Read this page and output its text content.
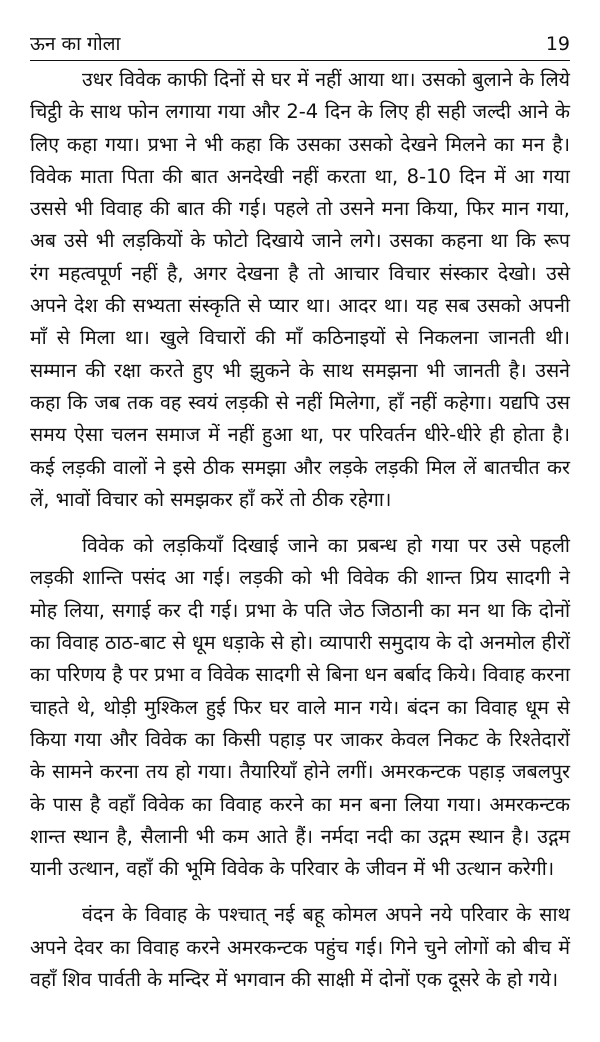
ऊन का गोला	19

उधर विवेक काफी दिनों से घर में नहीं आया था। उसको बुलाने के लिये चिट्ठी के साथ फोन लगाया गया और 2-4 दिन के लिए ही सही जल्दी आने के लिए कहा गया। प्रभा ने भी कहा कि उसका उसको देखने मिलने का मन है। विवेक माता पिता की बात अनदेखी नहीं करता था, 8-10 दिन में आ गया उससे भी विवाह की बात की गई। पहले तो उसने मना किया, फिर मान गया, अब उसे भी लड़कियों के फोटो दिखाये जाने लगे। उसका कहना था कि रूप रंग महत्वपूर्ण नहीं है, अगर देखना है तो आचार विचार संस्कार देखो। उसे अपने देश की सभ्यता संस्कृति से प्यार था। आदर था। यह सब उसको अपनी माँ से मिला था। खुले विचारों की माँ कठिनाइयों से निकलना जानती थी। सम्मान की रक्षा करते हुए भी झुकने के साथ समझना भी जानती है। उसने कहा कि जब तक वह स्वयं लड़की से नहीं मिलेगा, हाँ नहीं कहेगा। यद्यपि उस समय ऐसा चलन समाज में नहीं हुआ था, पर परिवर्तन धीरे-धीरे ही होता है। कई लड़की वालों ने इसे ठीक समझा और लड़के लड़की मिल लें बातचीत कर लें, भावों विचार को समझकर हाँ करें तो ठीक रहेगा।

विवेक को लड़कियाँ दिखाई जाने का प्रबन्ध हो गया पर उसे पहली लड़की शान्ति पसंद आ गई। लड़की को भी विवेक की शान्त प्रिय सादगी ने मोह लिया, सगाई कर दी गई। प्रभा के पति जेठ जिठानी का मन था कि दोनों का विवाह ठाठ-बाट से धूम धड़ाके से हो। व्यापारी समुदाय के दो अनमोल हीरों का परिणय है पर प्रभा व विवेक सादगी से बिना धन बर्बाद किये। विवाह करना चाहते थे, थोड़ी मुश्किल हुई फिर घर वाले मान गये। बंदन का विवाह धूम से किया गया और विवेक का किसी पहाड़ पर जाकर केवल निकट के रिश्तेदारों के सामने करना तय हो गया। तैयारियाँ होने लगीं। अमरकन्टक पहाड़ जबलपुर के पास है वहाँ विवेक का विवाह करने का मन बना लिया गया। अमरकन्टक शान्त स्थान है, सैलानी भी कम आते हैं। नर्मदा नदी का उद्गम स्थान है। उद्गम यानी उत्थान, वहाँ की भूमि विवेक के परिवार के जीवन में भी उत्थान करेगी।

वंदन के विवाह के पश्चात् नई बहू कोमल अपने नये परिवार के साथ अपने देवर का विवाह करने अमरकन्टक पहुंच गई। गिने चुने लोगों को बीच में वहाँ शिव पार्वती के मन्दिर में भगवान की साक्षी में दोनों एक दूसरे के हो गये।
